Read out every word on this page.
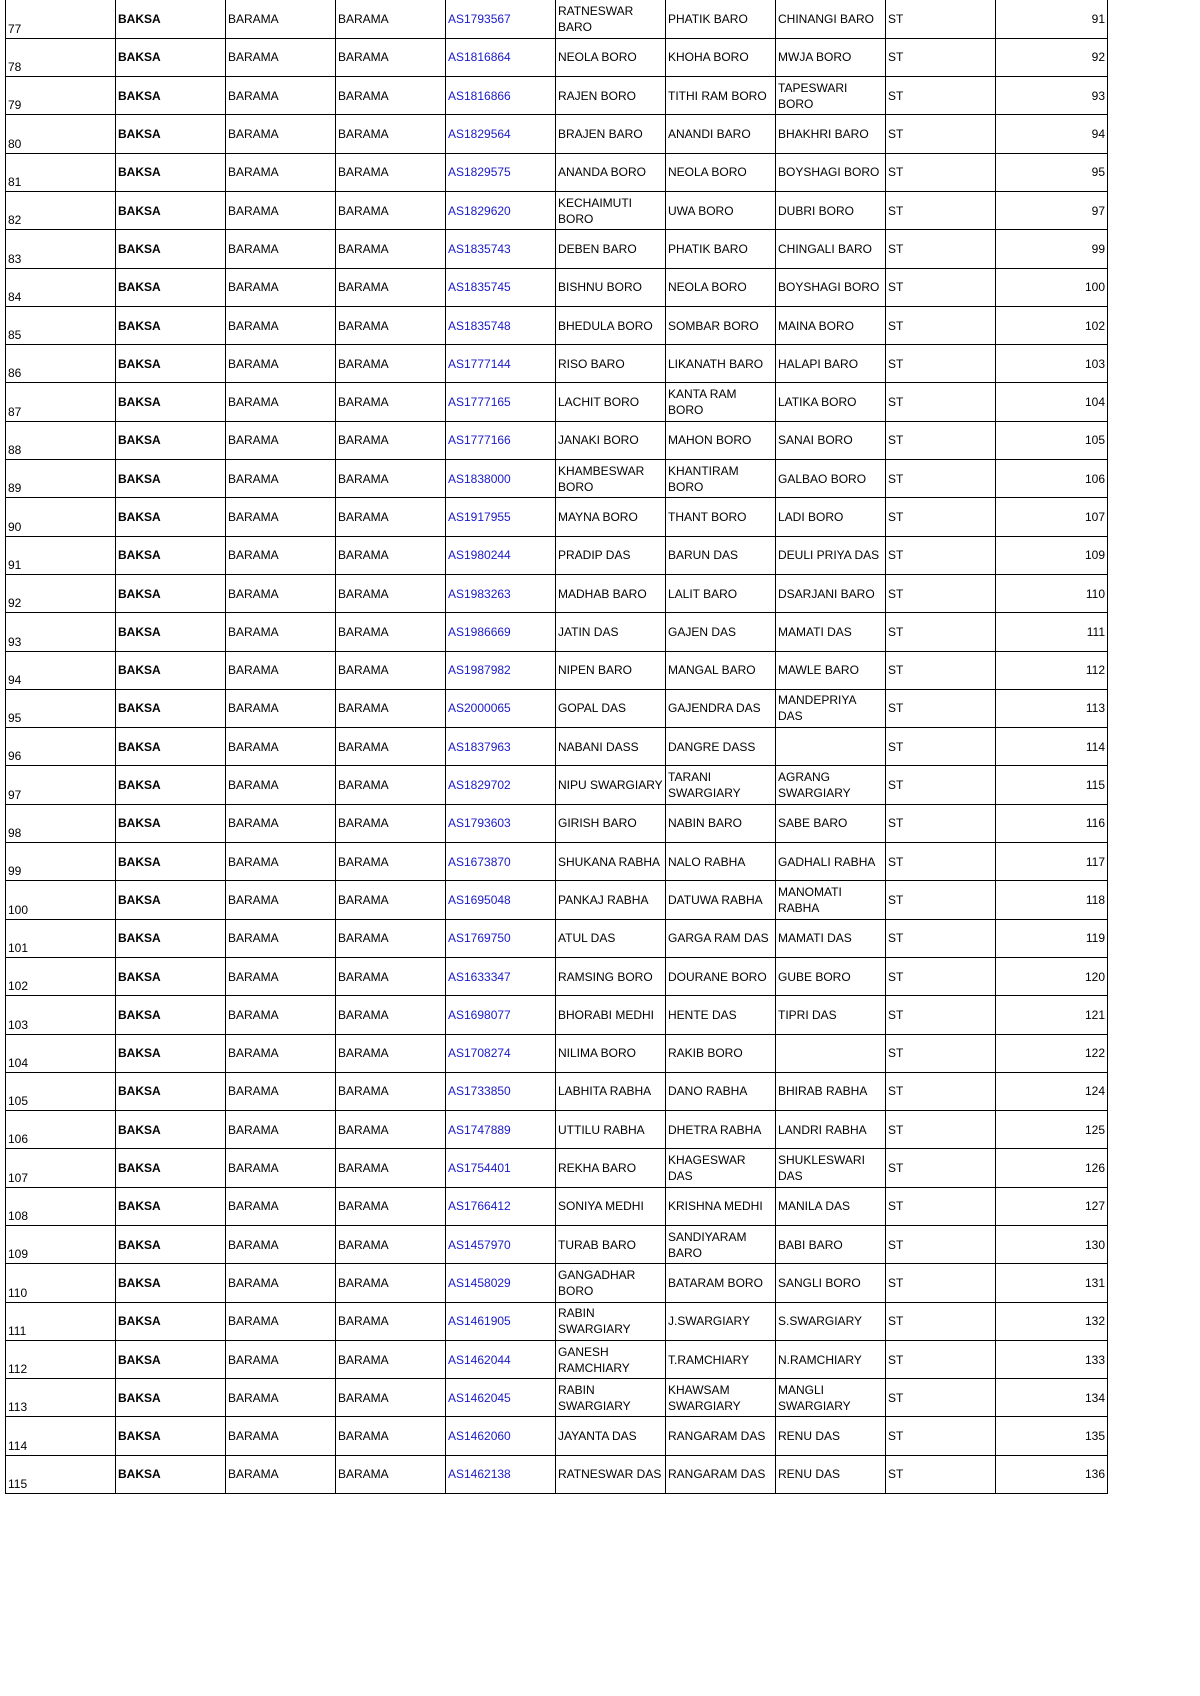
77	BAKSA	BARAMA	BARAMA	AS1793567	RATNESWAR BARO	PHATIK BARO	CHINANGI BARO	ST	91
78	BAKSA	BARAMA	BARAMA	AS1816864	NEOLA BORO	KHOHA BORO	MWJA BORO	ST	92
79	BAKSA	BARAMA	BARAMA	AS1816866	RAJEN BORO	TITHI RAM BORO	TAPESWARI BORO	ST	93
80	BAKSA	BARAMA	BARAMA	AS1829564	BRAJEN BARO	ANANDI BARO	BHAKHRI BARO	ST	94
81	BAKSA	BARAMA	BARAMA	AS1829575	ANANDA BORO	NEOLA BORO	BOYSHAGI BORO	ST	95
82	BAKSA	BARAMA	BARAMA	AS1829620	KECHAIMUTI BORO	UWA BORO	DUBRI BORO	ST	97
83	BAKSA	BARAMA	BARAMA	AS1835743	DEBEN BARO	PHATIK BARO	CHINGALI BARO	ST	99
84	BAKSA	BARAMA	BARAMA	AS1835745	BISHNU BORO	NEOLA BORO	BOYSHAGI BORO	ST	100
85	BAKSA	BARAMA	BARAMA	AS1835748	BHEDULA BORO	SOMBAR BORO	MAINA BORO	ST	102
86	BAKSA	BARAMA	BARAMA	AS1777144	RISO BARO	LIKANATH BARO	HALAPI BARO	ST	103
87	BAKSA	BARAMA	BARAMA	AS1777165	LACHIT BORO	KANTA RAM BORO	LATIKA BORO	ST	104
88	BAKSA	BARAMA	BARAMA	AS1777166	JANAKI BORO	MAHON BORO	SANAI BORO	ST	105
89	BAKSA	BARAMA	BARAMA	AS1838000	KHAMBESWAR BORO	KHANTIRAM BORO	GALBAO BORO	ST	106
90	BAKSA	BARAMA	BARAMA	AS1917955	MAYNA BORO	THANT BORO	LADI BORO	ST	107
91	BAKSA	BARAMA	BARAMA	AS1980244	PRADIP DAS	BARUN DAS	DEULI PRIYA DAS	ST	109
92	BAKSA	BARAMA	BARAMA	AS1983263	MADHAB BARO	LALIT BARO	DSARJANI BARO	ST	110
93	BAKSA	BARAMA	BARAMA	AS1986669	JATIN DAS	GAJEN DAS	MAMATI DAS	ST	111
94	BAKSA	BARAMA	BARAMA	AS1987982	NIPEN BARO	MANGAL BARO	MAWLE BARO	ST	112
95	BAKSA	BARAMA	BARAMA	AS2000065	GOPAL DAS	GAJENDRA DAS	MANDEPRIYA DAS	ST	113
96	BAKSA	BARAMA	BARAMA	AS1837963	NABANI DASS	DANGRE DASS		ST	114
97	BAKSA	BARAMA	BARAMA	AS1829702	NIPU SWARGIARY	TARANI SWARGIARY	AGRANG SWARGIARY	ST	115
98	BAKSA	BARAMA	BARAMA	AS1793603	GIRISH BARO	NABIN BARO	SABE BARO	ST	116
99	BAKSA	BARAMA	BARAMA	AS1673870	SHUKANA RABHA	NALO RABHA	GADHALI RABHA	ST	117
100	BAKSA	BARAMA	BARAMA	AS1695048	PANKAJ RABHA	DATUWA RABHA	MANOMATI RABHA	ST	118
101	BAKSA	BARAMA	BARAMA	AS1769750	ATUL DAS	GARGA RAM DAS	MAMATI DAS	ST	119
102	BAKSA	BARAMA	BARAMA	AS1633347	RAMSING BORO	DOURANE BORO	GUBE BORO	ST	120
103	BAKSA	BARAMA	BARAMA	AS1698077	BHORABI MEDHI	HENTE DAS	TIPRI DAS	ST	121
104	BAKSA	BARAMA	BARAMA	AS1708274	NILIMA BORO	RAKIB BORO		ST	122
105	BAKSA	BARAMA	BARAMA	AS1733850	LABHITA RABHA	DANO RABHA	BHIRAB RABHA	ST	124
106	BAKSA	BARAMA	BARAMA	AS1747889	UTTILU RABHA	DHETRA RABHA	LANDRI RABHA	ST	125
107	BAKSA	BARAMA	BARAMA	AS1754401	REKHA BARO	KHAGESWAR DAS	SHUKLESWARI DAS	ST	126
108	BAKSA	BARAMA	BARAMA	AS1766412	SONIYA MEDHI	KRISHNA MEDHI	MANILA DAS	ST	127
109	BAKSA	BARAMA	BARAMA	AS1457970	TURAB BARO	SANDIYARAM BARO	BABI BARO	ST	130
110	BAKSA	BARAMA	BARAMA	AS1458029	GANGADHAR BORO	BATARAM BORO	SANGLI BORO	ST	131
111	BAKSA	BARAMA	BARAMA	AS1461905	RABIN SWARGIARY	J.SWARGIARY	S.SWARGIARY	ST	132
112	BAKSA	BARAMA	BARAMA	AS1462044	GANESH RAMCHIARY	T.RAMCHIARY	N.RAMCHIARY	ST	133
113	BAKSA	BARAMA	BARAMA	AS1462045	RABIN SWARGIARY	KHAWSAM SWARGIARY	MANGLI SWARGIARY	ST	134
114	BAKSA	BARAMA	BARAMA	AS1462060	JAYANTA DAS	RANGARAM DAS	RENU DAS	ST	135
115	BAKSA	BARAMA	BARAMA	AS1462138	RATNESWAR DAS	RANGARAM DAS	RENU DAS	ST	136
